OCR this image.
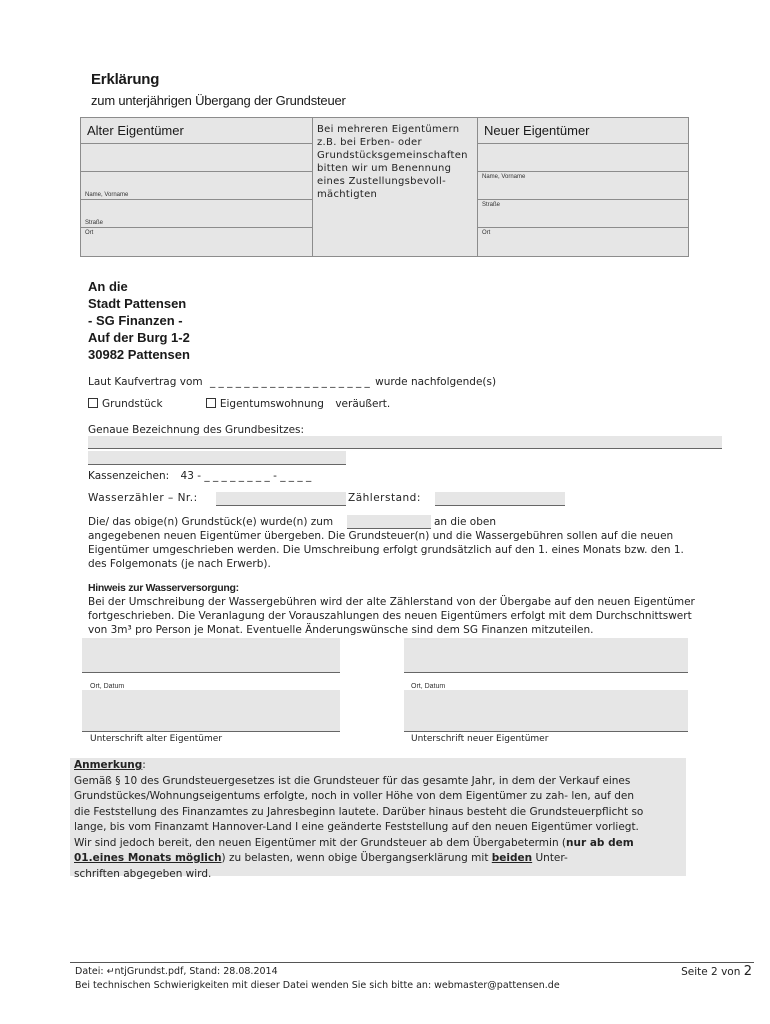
Erklärung
zum unterjährigen Übergang der Grundsteuer
Alter Eigentümer
Name, Vorname
Straße
Ort
Bei mehreren Eigentümern z.B. bei Erben- oder Grundstücksgemeinschaften bitten wir um Benennung eines Zustellungsbevoll-mächtigten
Neuer Eigentümer
Name, Vorname
Straße
Ort
An die
Stadt Pattensen
- SG Finanzen -
Auf der Burg 1-2
30982 Pattensen
Laut Kaufvertrag vom _ _ _ _ _ _ _ _ _ _ _ _ _ _ _ _ _ _ _ wurde nachfolgende(s)
Grundstück	Eigentumswohnung veräußert.
Genaue Bezeichnung des Grundbesitzes:
Kassenzeichen: 43 - _ _ _ _ _ _ _ _ - _ _ _ _
Wasserzähler – Nr.:	Zählerstand:
Die/ das obige(n) Grundstück(e) wurde(n) zum	an die oben
angegebenen neuen Eigentümer übergeben. Die Grundsteuer(n) und die Wassergebühren sollen auf die neuen
Eigentümer umgeschrieben werden. Die Umschreibung erfolgt grundsätzlich auf den 1. eines Monats bzw. den 1.
des Folgemonats (je nach Erwerb).
Hinweis zur Wasserversorgung:
Bei der Umschreibung der Wassergebühren wird der alte Zählerstand von der Übergabe auf den neuen Eigentümer
fortgeschrieben. Die Veranlagung der Vorauszahlungen des neuen Eigentümers erfolgt mit dem Durchschnittswert
von 3m³ pro Person je Monat. Eventuelle Änderungswünsche sind dem SG Finanzen mitzuteilen.
Ort, Datum
Unterschrift alter Eigentümer
Ort, Datum
Unterschrift neuer Eigentümer

Anmerkung:
Gemäß § 10 des Grundsteuergesetzes ist die Grundsteuer für das gesamte Jahr, in dem der Verkauf eines
Grundstückes/Wohnungseigentums erfolgte, noch in voller Höhe von dem Eigentümer zu zah- len, auf den
die Feststellung des Finanzamtes zu Jahresbeginn lautete. Darüber hinaus besteht die Grundsteuerpflicht so
lange, bis vom Finanzamt Hannover-Land I eine geänderte Feststellung auf den neuen Eigentümer vorliegt.
Wir sind jedoch bereit, den neuen Eigentümer mit der Grundsteuer ab dem Übergabetermin (nur ab dem
01.eines Monats möglich) zu belasten, wenn obige Übergangserklärung mit beiden Unter-
schriften abgegeben wird.

Datei: ↵ntjGrundst.pdf, Stand: 28.08.2014
Bei technischen Schwierigkeiten mit dieser Datei wenden Sie sich bitte an: webmaster@pattensen.de
Seite 2 von 2
